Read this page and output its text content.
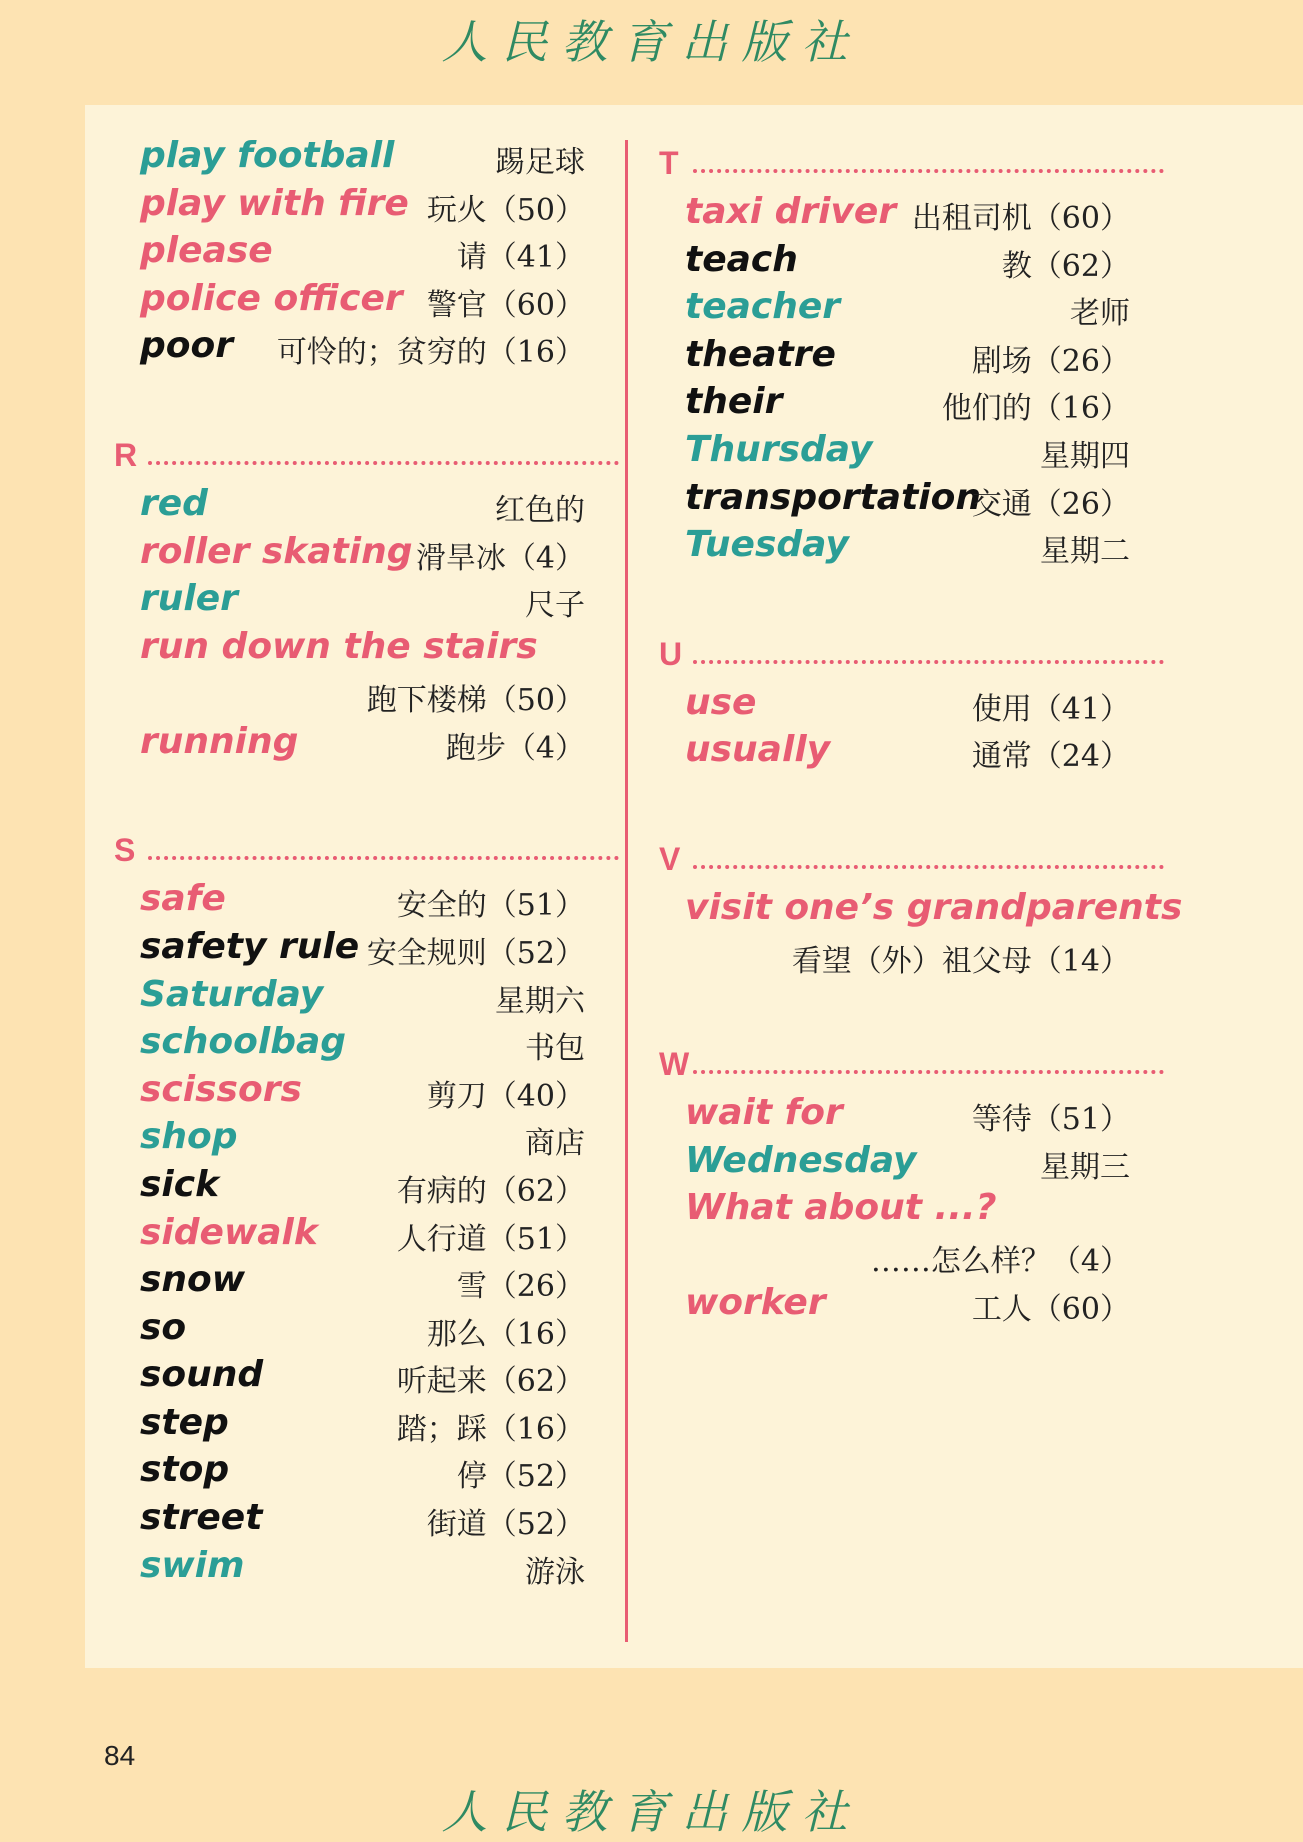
人民教育出版社
play football	踢足球
play with fire 玩火（50）
please	请（41）
police officer 警官（60）
poor 可怜的；贫穷的（16）
R
red	红色的
roller skating 滑旱冰（4）
ruler	尺子
run down the stairs
跑下楼梯（50）
running	跑步（4）
S
safe	安全的（51）
safety rule 安全规则（52）
Saturday	星期六
schoolbag	书包
scissors	剪刀（40）
shop	商店
sick	有病的（62）
sidewalk	人行道（51）
snow	雪（26）
so	那么（16）
sound	听起来（62）
step	踏；踩（16）
stop	停（52）
street	街道（52）
swim	游泳
T
taxi driver 出租司机（60）
teach	教（62）
teacher	老师
theatre	剧场（26）
their	他们的（16）
Thursday	星期四
transportation
交通（26）
Tuesday	星期二
U
use	使用（41）
usually	通常（24）
V
visit one’s grandparents
看望（外）祖父母（14）
W
wait for	等待（51）
Wednesday	星期三
What about ...?
……怎么样？（4）
worker	工人（60）
84
人民教育出版社
